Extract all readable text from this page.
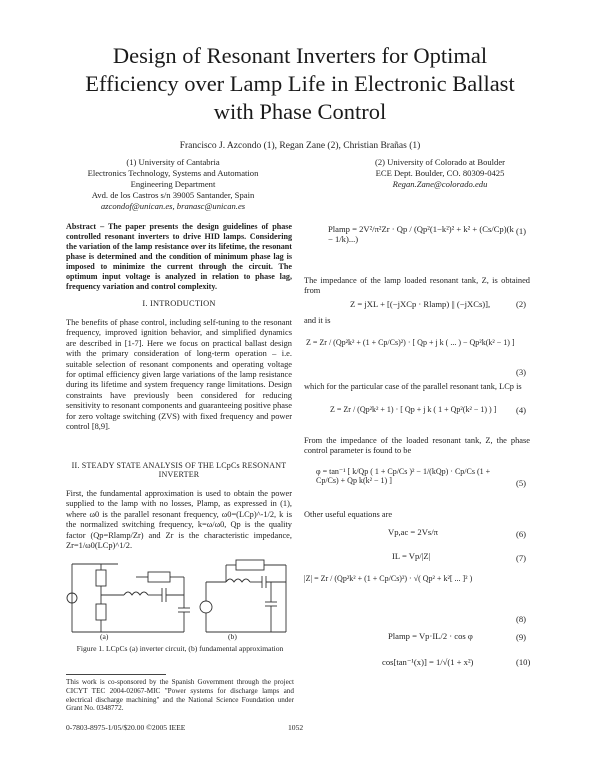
Design of Resonant Inverters for Optimal
Efficiency over Lamp Life in Electronic Ballast
with Phase Control
Francisco J. Azcondo (1), Regan Zane (2), Christian Brañas (1)
(1) University of Cantabria
Electronics Technology, Systems and Automation
Engineering Department
Avd. de los Castros s/n 39005 Santander, Spain
azcondof@unican.es, branasc@unican.es
(2) University of Colorado at Boulder
ECE Dept. Boulder, CO. 80309-0425
Regan.Zane@colorado.edu
Abstract – The paper presents the design guidelines of phase controlled resonant inverters to drive HID lamps. Considering the variation of the lamp resistance over its lifetime, the resonant phase is determined and the condition of minimum phase lag is imposed to minimize the current through the circuit. The optimum input voltage is analyzed in relation to phase lag, frequency variation and control complexity.
I. INTRODUCTION
The benefits of phase control, including self-tuning to the resonant frequency, improved ignition behavior, and simplified dynamics are described in [1-7]. Here we focus on practical ballast design with the primary consideration of long-term operation – i.e. suitable selection of resonant components and operating voltage for optimal efficiency given large variations of the lamp resistance during its lifetime and system frequency range limitations. Design constraints have previously been considered for reducing sensitivity to resonant components and guaranteeing positive phase for zero voltage switching (ZVS) with fixed frequency and power control [8,9].
II. STEADY STATE ANALYSIS OF THE LCpCs RESONANT
INVERTER
First, the fundamental approximation is used to obtain the power supplied to the lamp with no losses, Plamp, as expressed in (1), where ω0 is the parallel resonant frequency, ω0=(LCp)^-1/2, k is the normalized switching frequency, k=ω/ω0, Qp is the quality factor (Qp=Rlamp/Zr) and Zr is the characteristic impedance, Zr=1/ω0(LCp)^1/2.
(a)	(b)
Figure 1. LCpCs (a) inverter circuit, (b) fundamental approximation
This work is co-sponsored by the Spanish Government through the project CICYT TEC 2004-02067-MIC "Power systems for discharge lamps and electrical discharge machining" and the National Science Foundation under Grant No. 0348772.
0-7803-8975-1/05/$20.00 ©2005 IEEE	1052
Plamp = 2V²/π²Zr · Qp / (Qp²(1−k²)² + k² + (Cs/Cp)(k − 1/k)...)
(1)
The impedance of the lamp loaded resonant tank, Z, is obtained from
Z = jXL + [(−jXCp · Rlamp) || (−jXCs)],	(2)
and it is
Z = Zr / (Qp²k² + (1 + Cp/Cs)²) · [ Qp + j k ( ... ) − Qp²k(k² − 1) ]
(3)
which for the particular case of the parallel resonant tank, LCp is
Z = Zr / (Qp²k² + 1) · [ Qp + j k ( 1 + Qp²(k² − 1) ) ]	(4)
From the impedance of the loaded resonant tank, Z, the phase control parameter is found to be
φ = tan⁻¹ [ k/Qp ( 1 + Cp/Cs )² − 1/(kQp) · Cp/Cs (1 + Cp/Cs) + Qp k(k² − 1) ]	(5)
Other useful equations are
Vp,ac = 2Vs/π	(6)
IL = Vp/|Z|	(7)
|Z| = Zr / (Qp²k² + (1 + Cp/Cs)²) · √( Qp² + k²[ ... ]² )
(8)
Plamp = Vp·IL/2 · cos φ	(9)
cos[tan⁻¹(x)] = 1/√(1 + x²)	(10)
